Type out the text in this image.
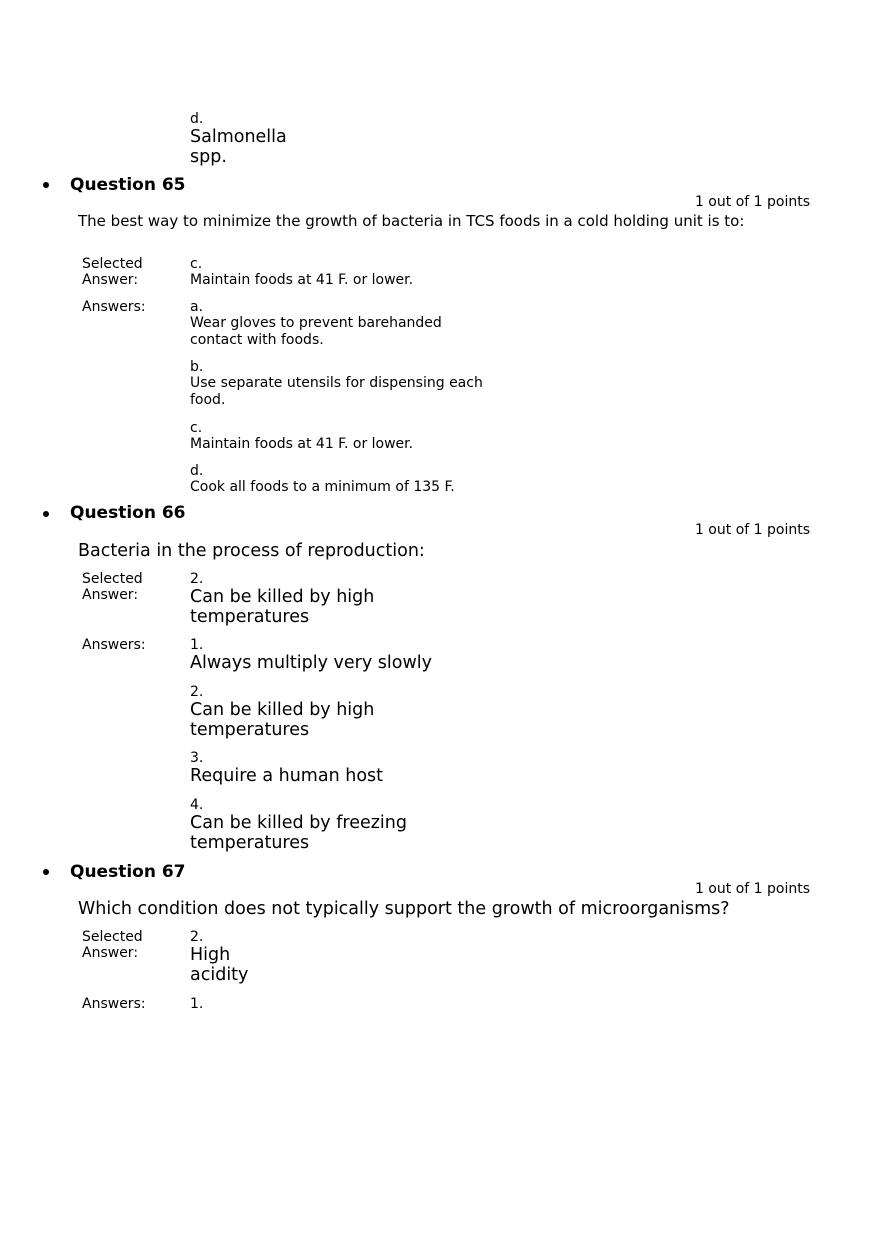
d.
Salmonella
spp.
Question 65
1 out of 1 points
The best way to minimize the growth of bacteria in TCS foods in a cold holding unit is to:
Selected
Answer:
c.
Maintain foods at 41 F. or lower.
Answers:	a.
Wear gloves to prevent barehanded
contact with foods.
b.
Use separate utensils for dispensing each
food.
c.
Maintain foods at 41 F. or lower.
d.
Cook all foods to a minimum of 135 F.
Question 66
1 out of 1 points
Bacteria in the process of reproduction:
Selected
Answer:
2.
Can be killed by high
temperatures
Answers:	1.
Always multiply very slowly
2.
Can be killed by high
temperatures
3.
Require a human host
4.
Can be killed by freezing
temperatures
Question 67
1 out of 1 points
Which condition does not typically support the growth of microorganisms?
Selected
Answer:
2.
High
acidity
Answers:	1.
